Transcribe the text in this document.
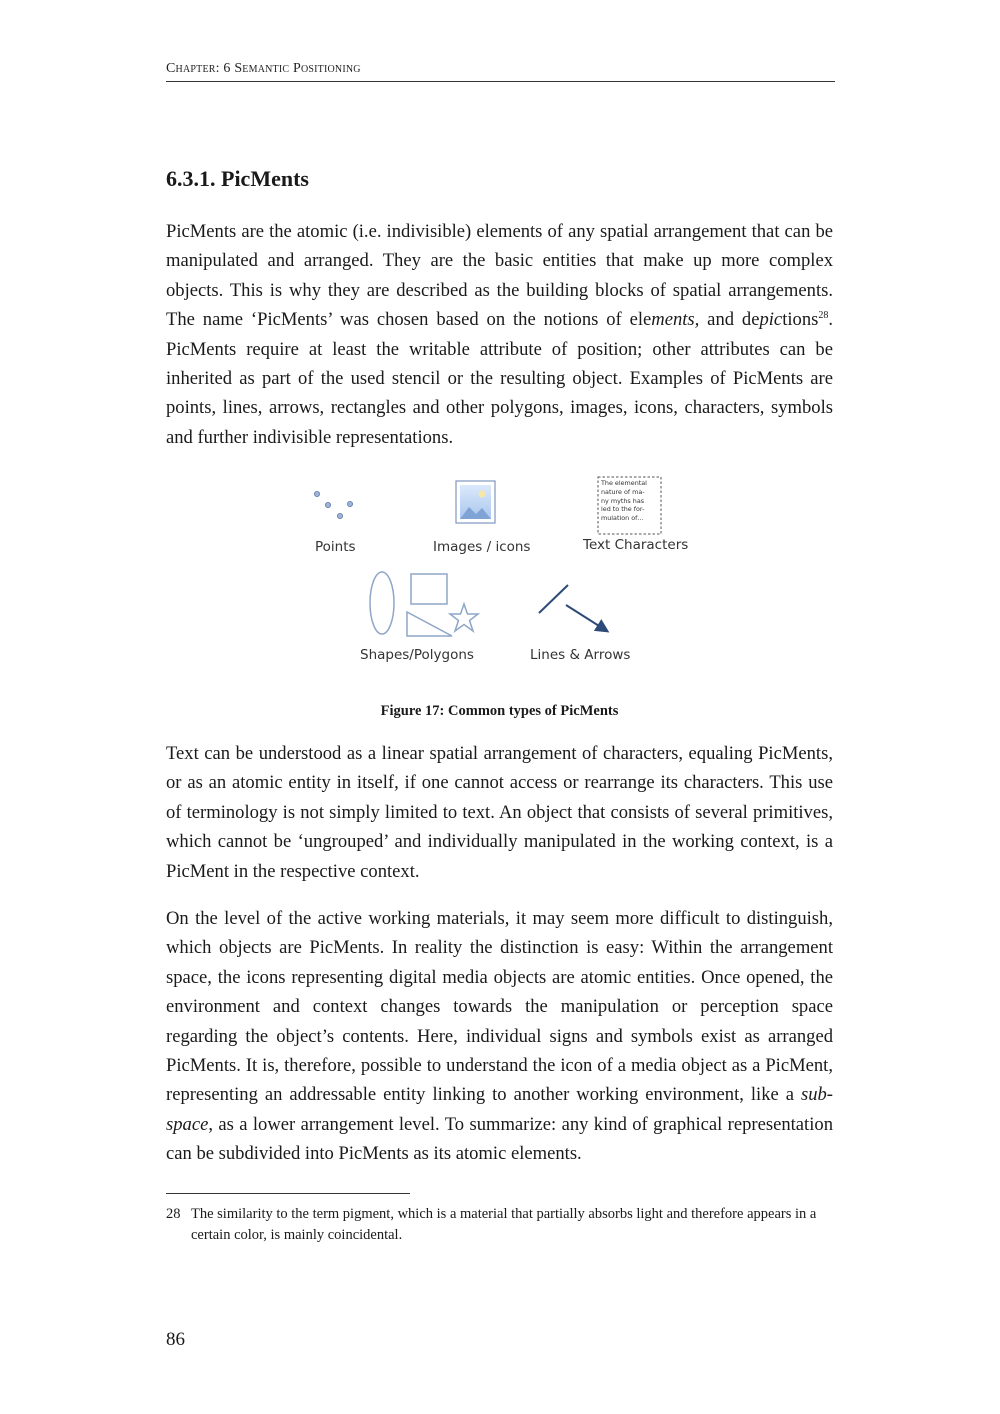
Chapter: 6 Semantic Positioning
6.3.1. PicMents

PicMents are the atomic (i.e. indivisible) elements of any spatial arrangement that can be manipulated and arranged. They are the basic entities that make up more complex objects. This is why they are described as the building blocks of spatial arrangements. The name ‘PicMents’ was chosen based on the notions of elements, and depictions$^{28}$. PicMents require at least the writable attribute of position; other attributes can be inherited as part of the used stencil or the resulting object. Examples of PicMents are points, lines, arrows, rectangles and other polygons, images, icons, characters, symbols and further indivisible representations.

The elemental
nature of ma-
ny myths has
led to the for-
mulation of…
Points	Images / icons	Text Characters
Shapes/Polygons	Lines & Arrows

Figure 17: Common types of PicMents

Text can be understood as a linear spatial arrangement of characters, equaling PicMents, or as an atomic entity in itself, if one cannot access or rearrange its characters. This use of terminology is not simply limited to text. An object that consists of several primitives, which cannot be ‘ungrouped’ and individually manipulated in the working context, is a PicMent in the respective context.

On the level of the active working materials, it may seem more difficult to distinguish, which objects are PicMents. In reality the distinction is easy: Within the arrangement space, the icons representing digital media objects are atomic entities. Once opened, the environment and context changes towards the manipulation or perception space regarding the object’s contents. Here, individual signs and symbols exist as arranged PicMents. It is, therefore, possible to understand the icon of a media object as a PicMent, representing an addressable entity linking to another working environment, like a sub-space, as a lower arrangement level. To summarize: any kind of graphical representation can be subdivided into PicMents as its atomic elements.

28 The similarity to the term pigment, which is a material that partially absorbs light and therefore appears in a certain color, is mainly coincidental.
86
